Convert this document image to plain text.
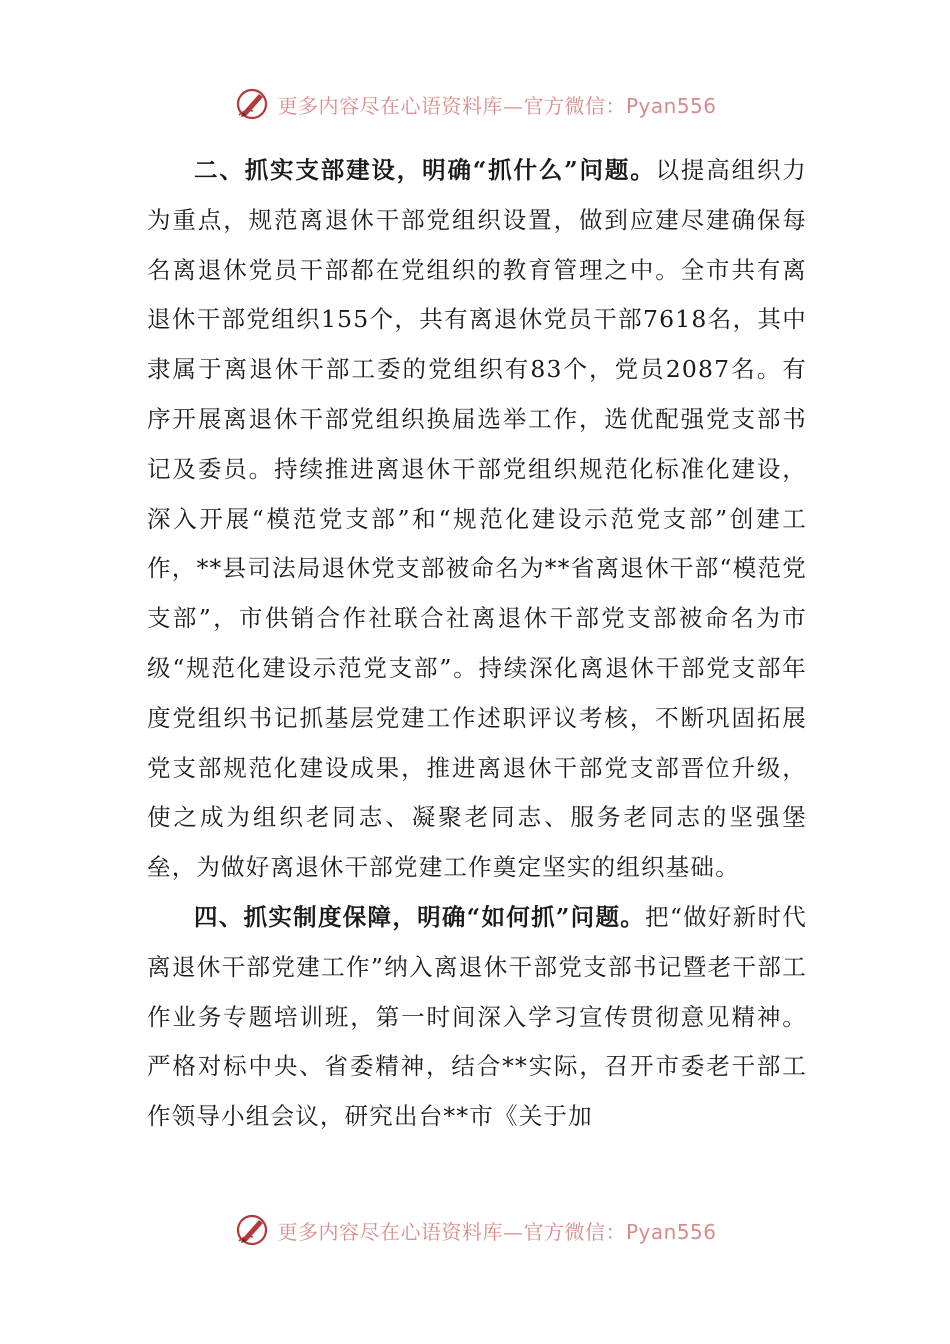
更多内容尽在心语资料库—官方微信：Pyan556

二、抓实支部建设，明确“抓什么”问题。以提高组织力为重点，规范离退休干部党组织设置，做到应建尽建确保每名离退休党员干部都在党组织的教育管理之中。全市共有离退休干部党组织155个，共有离退休党员干部7618名，其中隶属于离退休干部工委的党组织有83个，党员2087名。有序开展离退休干部党组织换届选举工作，选优配强党支部书记及委员。持续推进离退休干部党组织规范化标准化建设，深入开展“模范党支部”和“规范化建设示范党支部”创建工作，**县司法局退休党支部被命名为**省离退休干部“模范党支部”，市供销合作社联合社离退休干部党支部被命名为市级“规范化建设示范党支部”。持续深化离退休干部党支部年度党组织书记抓基层党建工作述职评议考核，不断巩固拓展党支部规范化建设成果，推进离退休干部党支部晋位升级，使之成为组织老同志、凝聚老同志、服务老同志的坚强堡垒，为做好离退休干部党建工作奠定坚实的组织基础。

四、抓实制度保障，明确“如何抓”问题。把“做好新时代离退休干部党建工作”纳入离退休干部党支部书记暨老干部工作业务专题培训班，第一时间深入学习宣传贯彻意见精神。严格对标中央、省委精神，结合**实际，召开市委老干部工作领导小组会议，研究出台**市《关于加

更多内容尽在心语资料库—官方微信：Pyan556
